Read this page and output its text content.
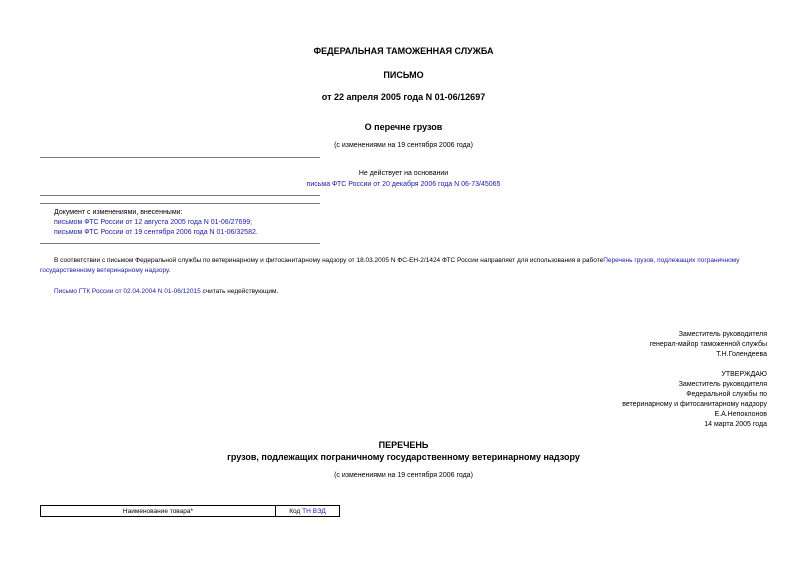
ФЕДЕРАЛЬНАЯ ТАМОЖЕННАЯ СЛУЖБА
ПИСЬМО
от 22 апреля 2005 года N 01-06/12697
О перечне грузов
(с изменениями на 19 сентября 2006 года)
Не действует на основании
письма ФТС России от 20 декабря 2006 года N 06-73/45065
Документ с изменениями, внесенными:
письмом ФТС России от 12 августа 2005 года N 01-06/27699;
письмом ФТС России от 19 сентября 2006 года N 01-06/32582.
В соответствии с письмом Федеральной службы по ветеринарному и фитосанитарному надзору от 18.03.2005 N ФС-ЕН-2/1424 ФТС России направляет для использования в работеПеречень грузов, подлежащих пограничному государственному ветеринарному надзору.
Письмо ГТК России от 02.04.2004 N 01-06/12015 считать недействующим.
Заместитель руководителя
генерал-майор таможенной службы
Т.Н.Голендеева
УТВЕРЖДАЮ
Заместитель руководителя
Федеральной службы по
ветеринарному и фитосанитарному надзору
Е.А.Непоклонов
14 марта 2005 года
ПЕРЕЧЕНЬ
грузов, подлежащих пограничному государственному ветеринарному надзору
(с изменениями на 19 сентября 2006 года)
Наименование товара*	Код ТН ВЭД
